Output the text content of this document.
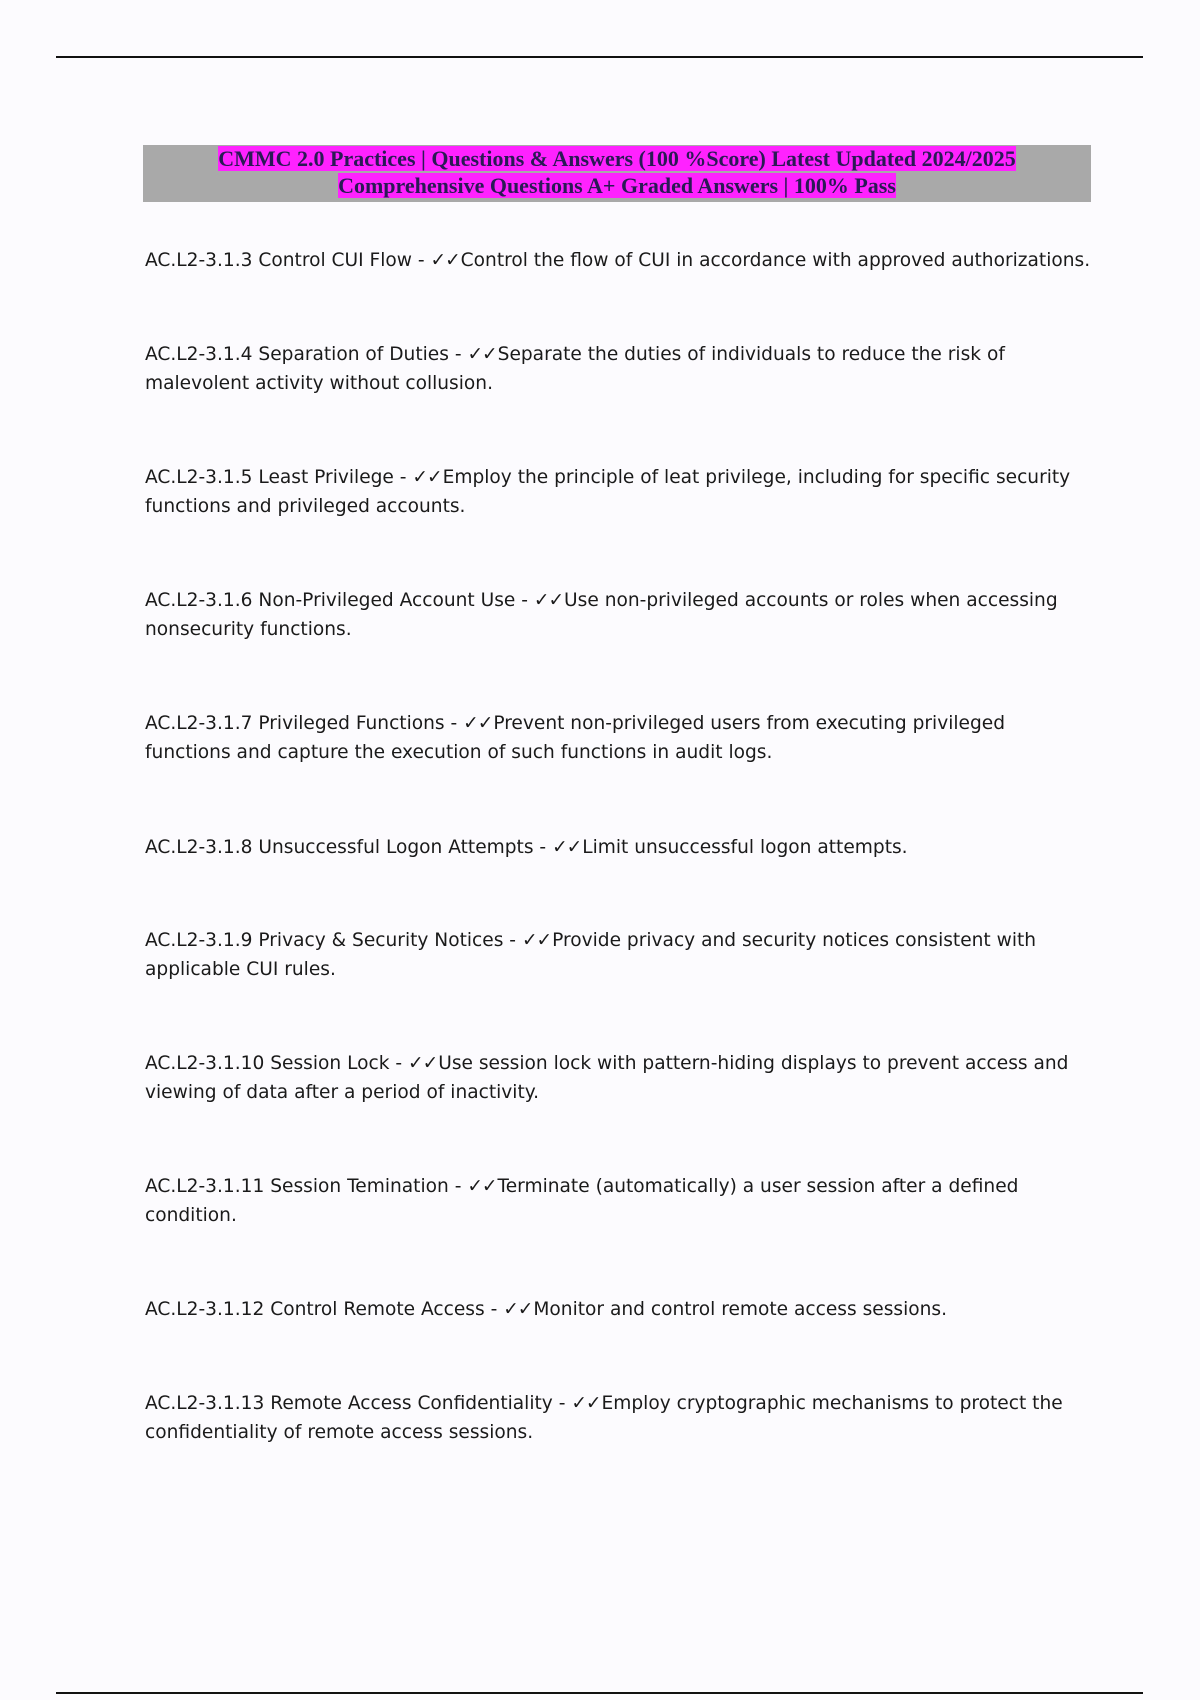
CMMC 2.0 Practices | Questions & Answers (100 %Score) Latest Updated 2024/2025
Comprehensive Questions A+ Graded Answers | 100% Pass

AC.L2-3.1.3 Control CUI Flow - ✓✓Control the flow of CUI in accordance with approved authorizations.

AC.L2-3.1.4 Separation of Duties - ✓✓Separate the duties of individuals to reduce the risk of malevolent activity without collusion.

AC.L2-3.1.5 Least Privilege - ✓✓Employ the principle of leat privilege, including for specific security functions and privileged accounts.

AC.L2-3.1.6 Non-Privileged Account Use - ✓✓Use non-privileged accounts or roles when accessing nonsecurity functions.

AC.L2-3.1.7 Privileged Functions - ✓✓Prevent non-privileged users from executing privileged functions and capture the execution of such functions in audit logs.

AC.L2-3.1.8 Unsuccessful Logon Attempts - ✓✓Limit unsuccessful logon attempts.

AC.L2-3.1.9 Privacy & Security Notices - ✓✓Provide privacy and security notices consistent with applicable CUI rules.

AC.L2-3.1.10 Session Lock - ✓✓Use session lock with pattern-hiding displays to prevent access and viewing of data after a period of inactivity.

AC.L2-3.1.11 Session Temination - ✓✓Terminate (automatically) a user session after a defined condition.

AC.L2-3.1.12 Control Remote Access - ✓✓Monitor and control remote access sessions.

AC.L2-3.1.13 Remote Access Confidentiality - ✓✓Employ cryptographic mechanisms to protect the confidentiality of remote access sessions.
